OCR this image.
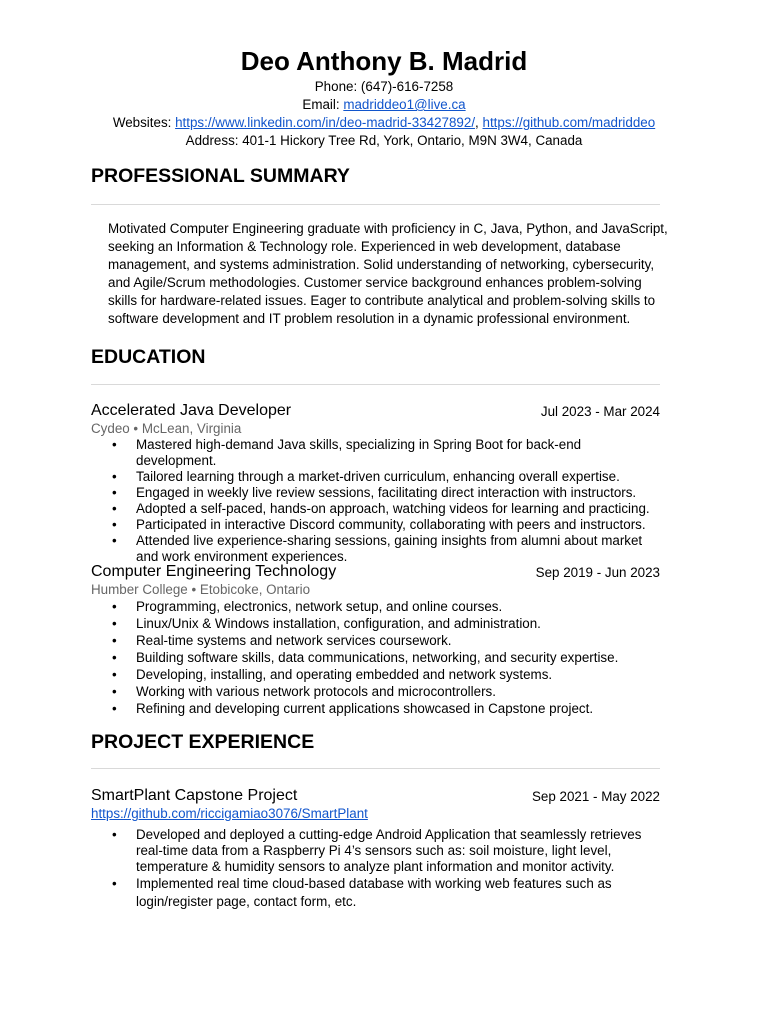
Deo Anthony B. Madrid

Phone: (647)-616-7258

Email: madriddeo1@live.ca

Websites: https://www.linkedin.com/in/deo-madrid-33427892/, https://github.com/madriddeo

Address: 401-1 Hickory Tree Rd, York, Ontario, M9N 3W4, Canada

PROFESSIONAL SUMMARY

Motivated Computer Engineering graduate with proficiency in C, Java, Python, and JavaScript, seeking an Information & Technology role. Experienced in web development, database management, and systems administration. Solid understanding of networking, cybersecurity, and Agile/Scrum methodologies. Customer service background enhances problem-solving skills for hardware-related issues. Eager to contribute analytical and problem-solving skills to software development and IT problem resolution in a dynamic professional environment.

EDUCATION
Accelerated Java Developer	Jul 2023 - Mar 2024

Cydeo • McLean, Virginia

• Mastered high-demand Java skills, specializing in Spring Boot for back-end development.
• Tailored learning through a market-driven curriculum, enhancing overall expertise.
• Engaged in weekly live review sessions, facilitating direct interaction with instructors.
• Adopted a self-paced, hands-on approach, watching videos for learning and practicing.
• Participated in interactive Discord community, collaborating with peers and instructors.
• Attended live experience-sharing sessions, gaining insights from alumni about market and work environment experiences.
Computer Engineering Technology	Sep 2019 - Jun 2023

Humber College • Etobicoke, Ontario

• Programming, electronics, network setup, and online courses.
• Linux/Unix & Windows installation, configuration, and administration.
• Real-time systems and network services coursework.
• Building software skills, data communications, networking, and security expertise.
• Developing, installing, and operating embedded and network systems.
• Working with various network protocols and microcontrollers.
• Refining and developing current applications showcased in Capstone project.
PROJECT EXPERIENCE
SmartPlant Capstone Project	Sep 2021 - May 2022

https://github.com/riccigamiao3076/SmartPlant

• Developed and deployed a cutting-edge Android Application that seamlessly retrieves real-time data from a Raspberry Pi 4’s sensors such as: soil moisture, light level, temperature & humidity sensors to analyze plant information and monitor activity.
• Implemented real time cloud-based database with working web features such as login/register page, contact form, etc.
